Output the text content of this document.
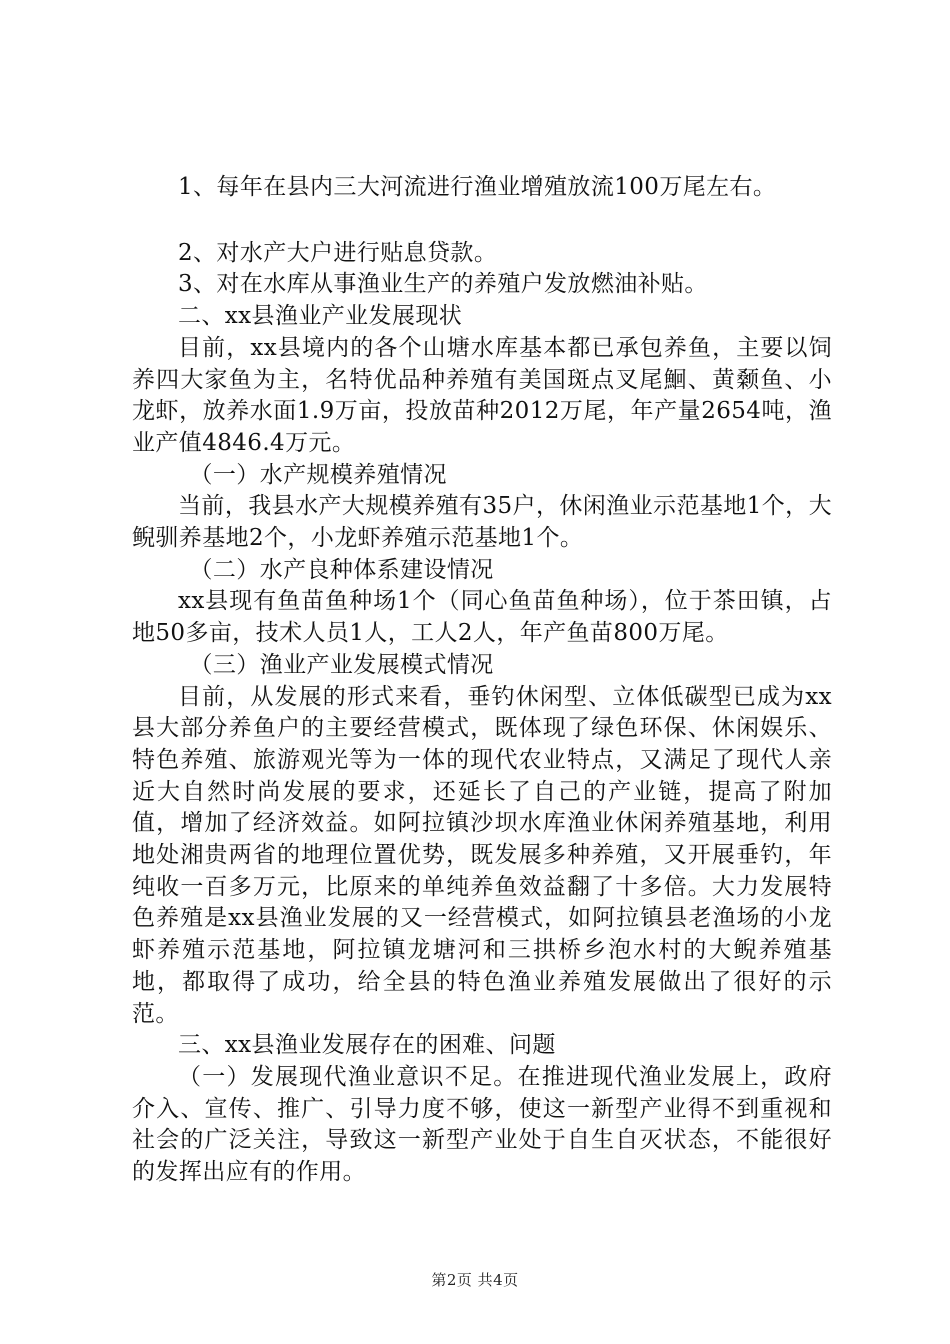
1、每年在县内三大河流进行渔业增殖放流100万尾左右。

2、对水产大户进行贴息贷款。

3、对在水库从事渔业生产的养殖户发放燃油补贴。

二、xx县渔业产业发展现状

目前，xx县境内的各个山塘水库基本都已承包养鱼，主要以饲养四大家鱼为主，名特优品种养殖有美国斑点叉尾鮰、黄颡鱼、小龙虾，放养水面1.9万亩，投放苗种2012万尾，年产量2654吨，渔业产值4846.4万元。

（一）水产规模养殖情况

当前，我县水产大规模养殖有35户，休闲渔业示范基地1个，大鲵驯养基地2个，小龙虾养殖示范基地1个。

（二）水产良种体系建设情况

xx县现有鱼苗鱼种场1个（同心鱼苗鱼种场），位于茶田镇，占地50多亩，技术人员1人，工人2人，年产鱼苗800万尾。

（三）渔业产业发展模式情况

目前，从发展的形式来看，垂钓休闲型、立体低碳型已成为xx县大部分养鱼户的主要经营模式，既体现了绿色环保、休闲娱乐、特色养殖、旅游观光等为一体的现代农业特点，又满足了现代人亲近大自然时尚发展的要求，还延长了自己的产业链，提高了附加值，增加了经济效益。如阿拉镇沙坝水库渔业休闲养殖基地，利用地处湘贵两省的地理位置优势，既发展多种养殖，又开展垂钓，年纯收一百多万元，比原来的单纯养鱼效益翻了十多倍。大力发展特色养殖是xx县渔业发展的又一经营模式，如阿拉镇县老渔场的小龙虾养殖示范基地，阿拉镇龙塘河和三拱桥乡泡水村的大鲵养殖基地，都取得了成功，给全县的特色渔业养殖发展做出了很好的示范。

三、xx县渔业发展存在的困难、问题

（一）发展现代渔业意识不足。在推进现代渔业发展上，政府介入、宣传、推广、引导力度不够，使这一新型产业得不到重视和社会的广泛关注，导致这一新型产业处于自生自灭状态，不能很好的发挥出应有的作用。

第2页 共4页
